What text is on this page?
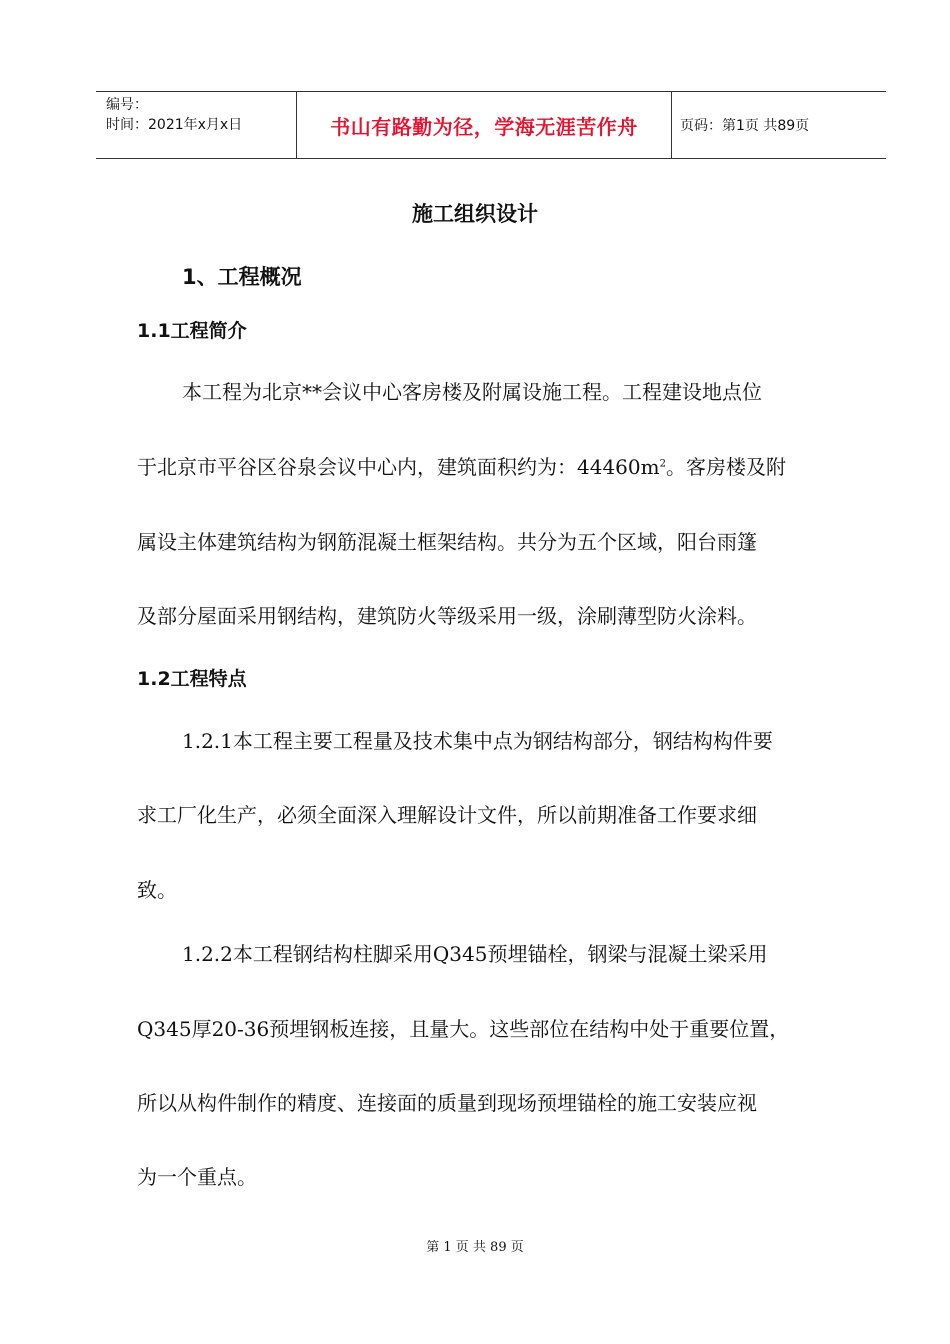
编号：
时间：2021年x月x日	书山有路勤为径，学海无涯苦作舟	页码：第1页 共89页
施工组织设计
1、工程概况
1.1工程简介
本工程为北京**会议中心客房楼及附属设施工程。工程建设地点位
于北京市平谷区谷泉会议中心内，建筑面积约为：$44460m^2$。客房楼及附
属设主体建筑结构为钢筋混凝土框架结构。共分为五个区域，阳台雨篷
及部分屋面采用钢结构，建筑防火等级采用一级，涂刷薄型防火涂料。
1.2工程特点
1.2.1本工程主要工程量及技术集中点为钢结构部分，钢结构构件要
求工厂化生产，必须全面深入理解设计文件，所以前期准备工作要求细
致。
1.2.2本工程钢结构柱脚采用Q345预埋锚栓，钢梁与混凝土梁采用
Q345厚20-36预埋钢板连接，且量大。这些部位在结构中处于重要位置，
所以从构件制作的精度、连接面的质量到现场预埋锚栓的施工安装应视
为一个重点。
第 1 页 共 89 页
